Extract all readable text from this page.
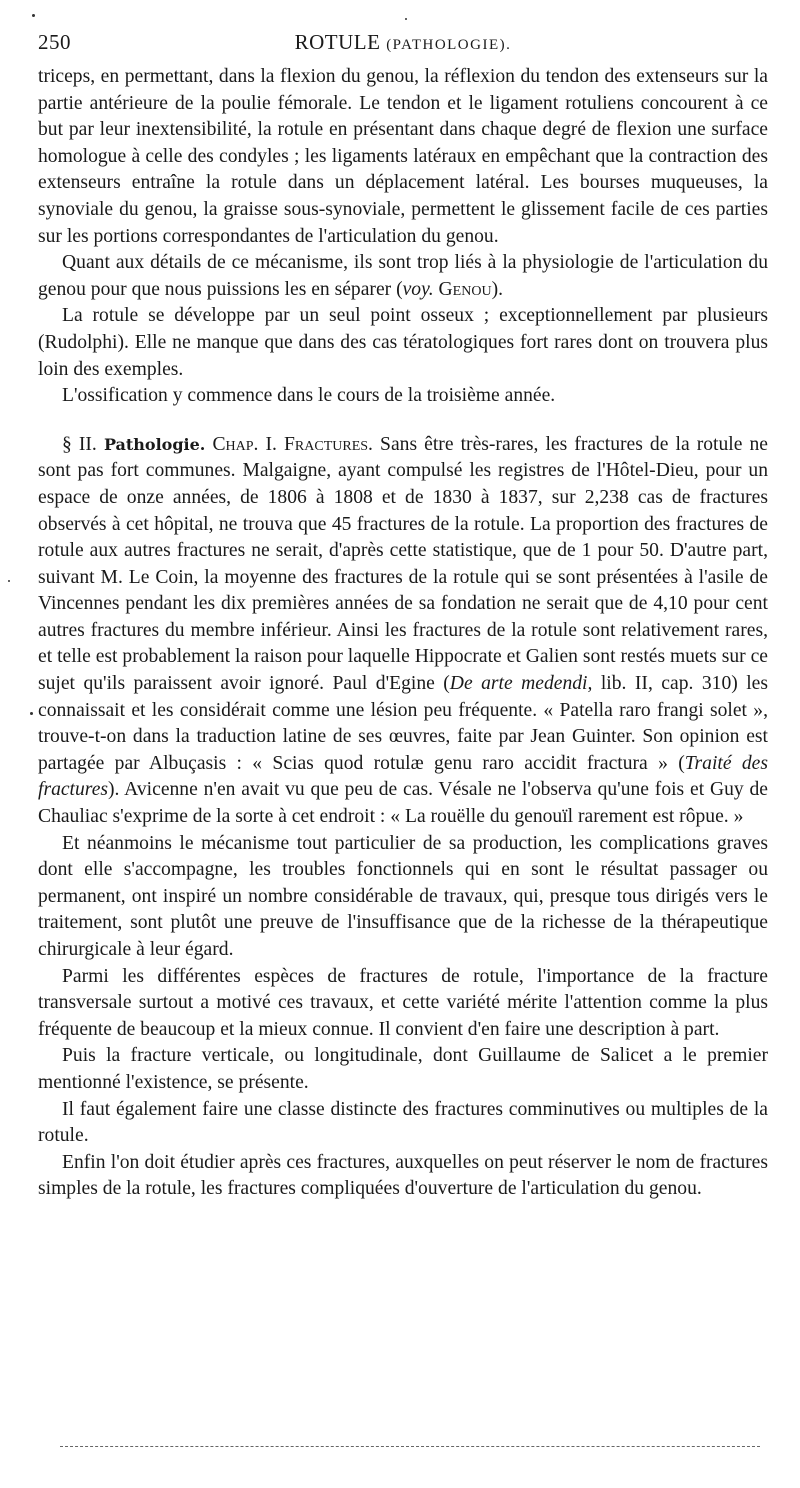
250	ROTULE (PATHOLOGIE).

triceps, en permettant, dans la flexion du genou, la réflexion du tendon des extenseurs sur la partie antérieure de la poulie fémorale. Le tendon et le ligament rotuliens concourent à ce but par leur inextensibilité, la rotule en présentant dans chaque degré de flexion une surface homologue à celle des condyles ; les ligaments latéraux en empêchant que la contraction des extenseurs entraîne la rotule dans un déplacement latéral. Les bourses muqueuses, la synoviale du genou, la graisse sous-synoviale, permettent le glissement facile de ces parties sur les portions correspondantes de l'articulation du genou.

Quant aux détails de ce mécanisme, ils sont trop liés à la physiologie de l'articulation du genou pour que nous puissions les en séparer (voy. Genou).

La rotule se développe par un seul point osseux ; exceptionnellement par plusieurs (Rudolphi). Elle ne manque que dans des cas tératologiques fort rares dont on trouvera plus loin des exemples.

L'ossification y commence dans le cours de la troisième année.

§ II. Pathologie. Chap. I. Fractures. Sans être très-rares, les fractures de la rotule ne sont pas fort communes. Malgaigne, ayant compulsé les registres de l'Hôtel-Dieu, pour un espace de onze années, de 1806 à 1808 et de 1830 à 1837, sur 2,238 cas de fractures observés à cet hôpital, ne trouva que 45 fractures de la rotule. La proportion des fractures de rotule aux autres fractures ne serait, d'après cette statistique, que de 1 pour 50. D'autre part, suivant M. Le Coin, la moyenne des fractures de la rotule qui se sont présentées à l'asile de Vincennes pendant les dix premières années de sa fondation ne serait que de 4,10 pour cent autres fractures du membre inférieur. Ainsi les fractures de la rotule sont relativement rares, et telle est probablement la raison pour laquelle Hippocrate et Galien sont restés muets sur ce sujet qu'ils paraissent avoir ignoré. Paul d'Egine (De arte medendi, lib. II, cap. 310) les connaissait et les considérait comme une lésion peu fréquente. « Patella raro frangi solet », trouve-t-on dans la traduction latine de ses œuvres, faite par Jean Guinter. Son opinion est partagée par Albuçasis : « Scias quod rotulæ genu raro accidit fractura » (Traité des fractures). Avicenne n'en avait vu que peu de cas. Vésale ne l'observa qu'une fois et Guy de Chauliac s'exprime de la sorte à cet endroit : « La rouëlle du genouïl rarement est rôpue. »

Et néanmoins le mécanisme tout particulier de sa production, les complications graves dont elle s'accompagne, les troubles fonctionnels qui en sont le résultat passager ou permanent, ont inspiré un nombre considérable de travaux, qui, presque tous dirigés vers le traitement, sont plutôt une preuve de l'insuffisance que de la richesse de la thérapeutique chirurgicale à leur égard.

Parmi les différentes espèces de fractures de rotule, l'importance de la fracture transversale surtout a motivé ces travaux, et cette variété mérite l'attention comme la plus fréquente de beaucoup et la mieux connue. Il convient d'en faire une description à part.

Puis la fracture verticale, ou longitudinale, dont Guillaume de Salicet a le premier mentionné l'existence, se présente.

Il faut également faire une classe distincte des fractures comminutives ou multiples de la rotule.

Enfin l'on doit étudier après ces fractures, auxquelles on peut réserver le nom de fractures simples de la rotule, les fractures compliquées d'ouverture de l'articulation du genou.
